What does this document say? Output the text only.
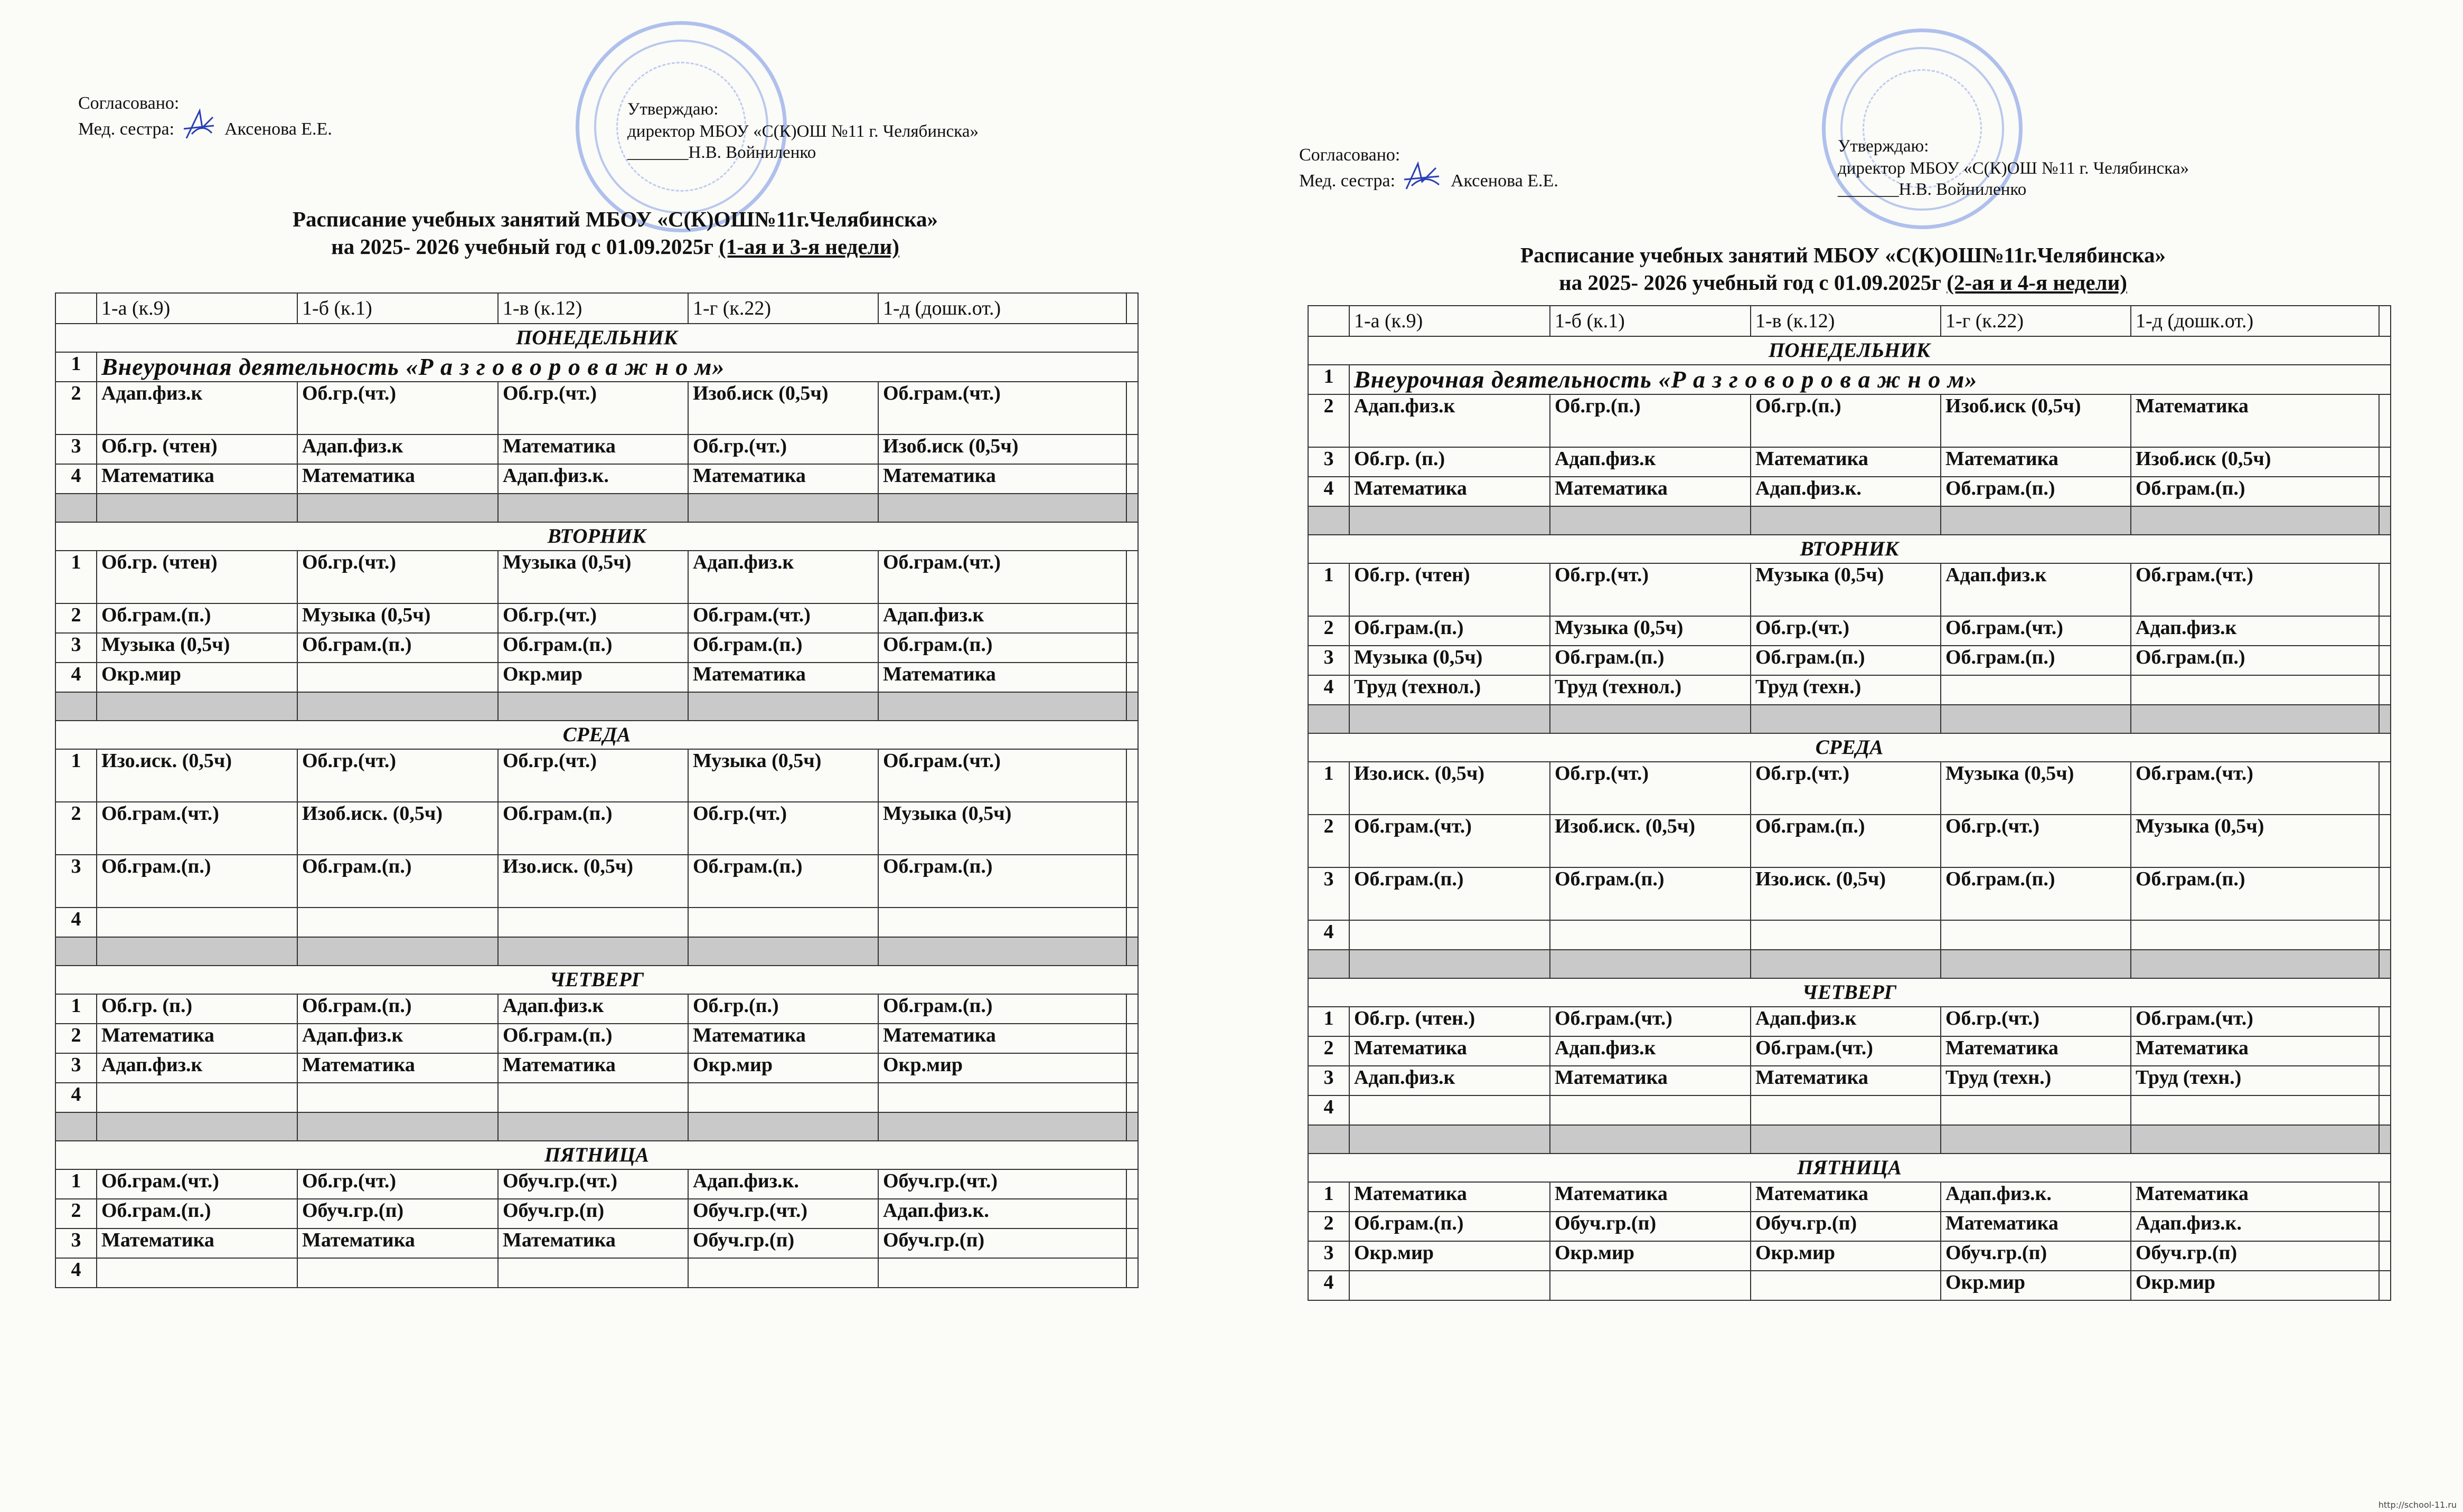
Согласовано:
Мед. сестра:	Аксенова Е.Е.
Утверждаю:
директор МБОУ «С(К)ОШ №11 г. Челябинска»
_______Н.В. Войниленко
Расписание учебных занятий МБОУ «С(К)ОШ№11г.Челябинска»
на 2025- 2026 учебный год с 01.09.2025г (1-ая и 3-я недели)
	1-а (к.9)	1-б (к.1)	1-в (к.12)	1-г (к.22)	1-д (дошк.от.)	
ПОНЕДЕЛЬНИК						
1	Внеурочная деятельность «Р а з г о в о р о в а ж н о м»					
2	Адап.физ.к	Об.гр.(чт.)	Об.гр.(чт.)	Изоб.иск (0,5ч)	Об.грам.(чт.)	
3	Об.гр. (чтен)	Адап.физ.к	Математика	Об.гр.(чт.)	Изоб.иск (0,5ч)	
4	Математика	Математика	Адап.физ.к.	Математика	Математика	

ВТОРНИК						
1	Об.гр. (чтен)	Об.гр.(чт.)	Музыка (0,5ч)	Адап.физ.к	Об.грам.(чт.)	
2	Об.грам.(п.)	Музыка (0,5ч)	Об.гр.(чт.)	Об.грам.(чт.)	Адап.физ.к	
3	Музыка (0,5ч)	Об.грам.(п.)	Об.грам.(п.)	Об.грам.(п.)	Об.грам.(п.)	
4	Окр.мир		Окр.мир	Математика	Математика	

СРЕДА						
1	Изо.иск. (0,5ч)	Об.гр.(чт.)	Об.гр.(чт.)	Музыка (0,5ч)	Об.грам.(чт.)	
2	Об.грам.(чт.)	Изоб.иск. (0,5ч)	Об.грам.(п.)	Об.гр.(чт.)	Музыка (0,5ч)	
3	Об.грам.(п.)	Об.грам.(п.)	Изо.иск. (0,5ч)	Об.грам.(п.)	Об.грам.(п.)	
4						

ЧЕТВЕРГ						
1	Об.гр. (п.)	Об.грам.(п.)	Адап.физ.к	Об.гр.(п.)	Об.грам.(п.)	
2	Математика	Адап.физ.к	Об.грам.(п.)	Математика	Математика	
3	Адап.физ.к	Математика	Математика	Окр.мир	Окр.мир	
4						

ПЯТНИЦА						
1	Об.грам.(чт.)	Об.гр.(чт.)	Обуч.гр.(чт.)	Адап.физ.к.	Обуч.гр.(чт.)	
2	Об.грам.(п.)	Обуч.гр.(п)	Обуч.гр.(п)	Обуч.гр.(чт.)	Адап.физ.к.	
3	Математика	Математика	Математика	Обуч.гр.(п)	Обуч.гр.(п)	
4						
Согласовано:
Мед. сестра:	Аксенова Е.Е.
Утверждаю:
директор МБОУ «С(К)ОШ №11 г. Челябинска»
_______Н.В. Войниленко
Расписание учебных занятий МБОУ «С(К)ОШ№11г.Челябинска»
на 2025- 2026 учебный год с 01.09.2025г (2-ая и 4-я недели)
	1-а (к.9)	1-б (к.1)	1-в (к.12)	1-г (к.22)	1-д (дошк.от.)	
ПОНЕДЕЛЬНИК						
1	Внеурочная деятельность «Р а з г о в о р о в а ж н о м»					
2	Адап.физ.к	Об.гр.(п.)	Об.гр.(п.)	Изоб.иск (0,5ч)	Математика	
3	Об.гр. (п.)	Адап.физ.к	Математика	Математика	Изоб.иск (0,5ч)	
4	Математика	Математика	Адап.физ.к.	Об.грам.(п.)	Об.грам.(п.)	

ВТОРНИК						
1	Об.гр. (чтен)	Об.гр.(чт.)	Музыка (0,5ч)	Адап.физ.к	Об.грам.(чт.)	
2	Об.грам.(п.)	Музыка (0,5ч)	Об.гр.(чт.)	Об.грам.(чт.)	Адап.физ.к	
3	Музыка (0,5ч)	Об.грам.(п.)	Об.грам.(п.)	Об.грам.(п.)	Об.грам.(п.)	
4	Труд (технол.)	Труд (технол.)	Труд (техн.)			

СРЕДА						
1	Изо.иск. (0,5ч)	Об.гр.(чт.)	Об.гр.(чт.)	Музыка (0,5ч)	Об.грам.(чт.)	
2	Об.грам.(чт.)	Изоб.иск. (0,5ч)	Об.грам.(п.)	Об.гр.(чт.)	Музыка (0,5ч)	
3	Об.грам.(п.)	Об.грам.(п.)	Изо.иск. (0,5ч)	Об.грам.(п.)	Об.грам.(п.)	
4						

ЧЕТВЕРГ						
1	Об.гр. (чтен.)	Об.грам.(чт.)	Адап.физ.к	Об.гр.(чт.)	Об.грам.(чт.)	
2	Математика	Адап.физ.к	Об.грам.(чт.)	Математика	Математика	
3	Адап.физ.к	Математика	Математика	Труд (техн.)	Труд (техн.)	
4						

ПЯТНИЦА						
1	Математика	Математика	Математика	Адап.физ.к.	Математика	
2	Об.грам.(п.)	Обуч.гр.(п)	Обуч.гр.(п)	Математика	Адап.физ.к.	
3	Окр.мир	Окр.мир	Окр.мир	Обуч.гр.(п)	Обуч.гр.(п)	
4				Окр.мир	Окр.мир	
http://school-11.ru
